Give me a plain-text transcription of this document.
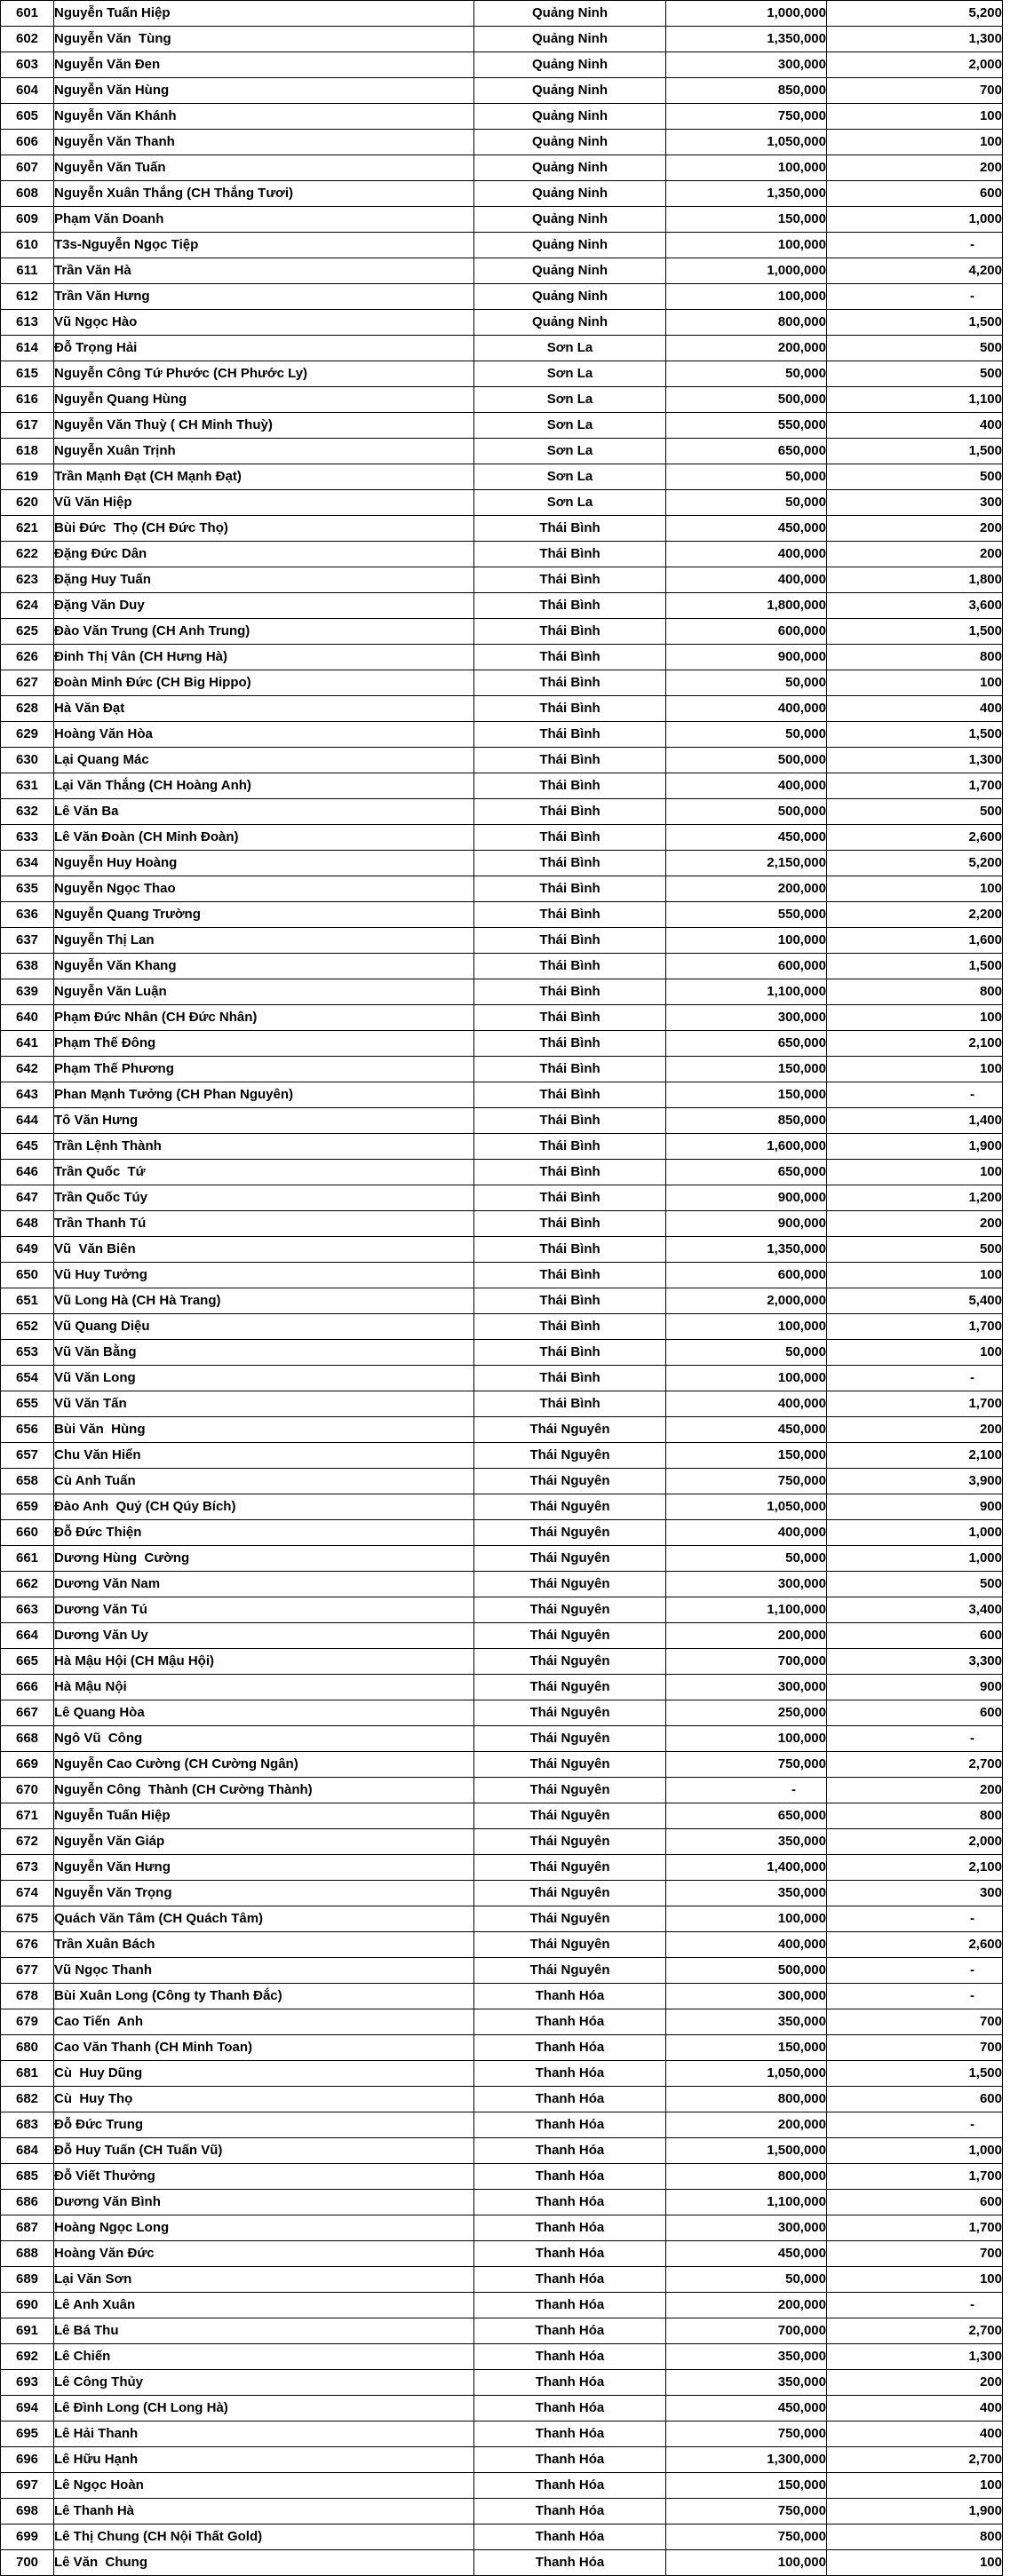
601	Nguyễn Tuấn Hiệp	Quảng Ninh	1,000,000	5,200
602	Nguyễn Văn  Tùng	Quảng Ninh	1,350,000	1,300
603	Nguyễn Văn Đen	Quảng Ninh	300,000	2,000
604	Nguyễn Văn Hùng	Quảng Ninh	850,000	700
605	Nguyễn Văn Khánh	Quảng Ninh	750,000	100
606	Nguyễn Văn Thanh	Quảng Ninh	1,050,000	100
607	Nguyễn Văn Tuấn	Quảng Ninh	100,000	200
608	Nguyễn Xuân Thắng (CH Thắng Tươi)	Quảng Ninh	1,350,000	600
609	Phạm Văn Doanh	Quảng Ninh	150,000	1,000
610	T3s-Nguyễn Ngọc Tiệp	Quảng Ninh	100,000	-
611	Trần Văn Hà	Quảng Ninh	1,000,000	4,200
612	Trần Văn Hưng	Quảng Ninh	100,000	-
613	Vũ Ngọc Hào	Quảng Ninh	800,000	1,500
614	Đỗ Trọng Hải	Sơn La	200,000	500
615	Nguyễn Công Tứ Phước (CH Phước Ly)	Sơn La	50,000	500
616	Nguyễn Quang Hùng	Sơn La	500,000	1,100
617	Nguyễn Văn Thuỳ ( CH Minh Thuỳ)	Sơn La	550,000	400
618	Nguyễn Xuân Trịnh	Sơn La	650,000	1,500
619	Trần Mạnh Đạt (CH Mạnh Đạt)	Sơn La	50,000	500
620	Vũ Văn Hiệp	Sơn La	50,000	300
621	Bùi Đức  Thọ (CH Đức Thọ)	Thái Bình	450,000	200
622	Đặng Đức Dân	Thái Bình	400,000	200
623	Đặng Huy Tuấn	Thái Bình	400,000	1,800
624	Đặng Văn Duy	Thái Bình	1,800,000	3,600
625	Đào Văn Trung (CH Anh Trung)	Thái Bình	600,000	1,500
626	Đinh Thị Vân (CH Hưng Hà)	Thái Bình	900,000	800
627	Đoàn Minh Đức (CH Big Hippo)	Thái Bình	50,000	100
628	Hà Văn Đạt	Thái Bình	400,000	400
629	Hoàng Văn Hòa	Thái Bình	50,000	1,500
630	Lại Quang Mác	Thái Bình	500,000	1,300
631	Lại Văn Thắng (CH Hoàng Anh)	Thái Bình	400,000	1,700
632	Lê Văn Ba	Thái Bình	500,000	500
633	Lê Văn Đoàn (CH Minh Đoàn)	Thái Bình	450,000	2,600
634	Nguyễn Huy Hoàng	Thái Bình	2,150,000	5,200
635	Nguyễn Ngọc Thao	Thái Bình	200,000	100
636	Nguyễn Quang Trường	Thái Bình	550,000	2,200
637	Nguyễn Thị Lan	Thái Bình	100,000	1,600
638	Nguyễn Văn Khang	Thái Bình	600,000	1,500
639	Nguyễn Văn Luận	Thái Bình	1,100,000	800
640	Phạm Đức Nhân (CH Đức Nhân)	Thái Bình	300,000	100
641	Phạm Thế Đông	Thái Bình	650,000	2,100
642	Phạm Thế Phương	Thái Bình	150,000	100
643	Phan Mạnh Tưởng (CH Phan Nguyên)	Thái Bình	150,000	-
644	Tô Văn Hưng	Thái Bình	850,000	1,400
645	Trần Lệnh Thành	Thái Bình	1,600,000	1,900
646	Trần Quốc  Tứ	Thái Bình	650,000	100
647	Trần Quốc Túy	Thái Bình	900,000	1,200
648	Trần Thanh Tú	Thái Bình	900,000	200
649	Vũ  Văn Biên	Thái Bình	1,350,000	500
650	Vũ Huy Tưởng	Thái Bình	600,000	100
651	Vũ Long Hà (CH Hà Trang)	Thái Bình	2,000,000	5,400
652	Vũ Quang Diệu	Thái Bình	100,000	1,700
653	Vũ Văn Bằng	Thái Bình	50,000	100
654	Vũ Văn Long	Thái Bình	100,000	-
655	Vũ Văn Tấn	Thái Bình	400,000	1,700
656	Bùi Văn  Hùng	Thái Nguyên	450,000	200
657	Chu Văn Hiển	Thái Nguyên	150,000	2,100
658	Cù Anh Tuấn	Thái Nguyên	750,000	3,900
659	Đào Anh  Quý (CH Qúy Bích)	Thái Nguyên	1,050,000	900
660	Đỗ Đức Thiện	Thái Nguyên	400,000	1,000
661	Dương Hùng  Cường	Thái Nguyên	50,000	1,000
662	Dương Văn Nam	Thái Nguyên	300,000	500
663	Dương Văn Tú	Thái Nguyên	1,100,000	3,400
664	Dương Văn Uy	Thái Nguyên	200,000	600
665	Hà Mậu Hội (CH Mậu Hội)	Thái Nguyên	700,000	3,300
666	Hà Mậu Nội	Thái Nguyên	300,000	900
667	Lê Quang Hòa	Thái Nguyên	250,000	600
668	Ngô Vũ  Công	Thái Nguyên	100,000	-
669	Nguyễn Cao Cường (CH Cường Ngân)	Thái Nguyên	750,000	2,700
670	Nguyễn Công  Thành (CH Cường Thành)	Thái Nguyên	-	200
671	Nguyễn Tuấn Hiệp	Thái Nguyên	650,000	800
672	Nguyễn Văn Giáp	Thái Nguyên	350,000	2,000
673	Nguyễn Văn Hưng	Thái Nguyên	1,400,000	2,100
674	Nguyễn Văn Trọng	Thái Nguyên	350,000	300
675	Quách Văn Tâm (CH Quách Tâm)	Thái Nguyên	100,000	-
676	Trần Xuân Bách	Thái Nguyên	400,000	2,600
677	Vũ Ngọc Thanh	Thái Nguyên	500,000	-
678	Bùi Xuân Long (Công ty Thanh Đắc)	Thanh Hóa	300,000	-
679	Cao Tiến  Anh	Thanh Hóa	350,000	700
680	Cao Văn Thanh (CH Minh Toan)	Thanh Hóa	150,000	700
681	Cù  Huy Dũng	Thanh Hóa	1,050,000	1,500
682	Cù  Huy Thọ	Thanh Hóa	800,000	600
683	Đỗ Đức Trung	Thanh Hóa	200,000	-
684	Đỗ Huy Tuấn (CH Tuấn Vũ)	Thanh Hóa	1,500,000	1,000
685	Đỗ Viết Thưởng	Thanh Hóa	800,000	1,700
686	Dương Văn Bình	Thanh Hóa	1,100,000	600
687	Hoàng Ngọc Long	Thanh Hóa	300,000	1,700
688	Hoàng Văn Đức	Thanh Hóa	450,000	700
689	Lại Văn Sơn	Thanh Hóa	50,000	100
690	Lê Anh Xuân	Thanh Hóa	200,000	-
691	Lê Bá Thu	Thanh Hóa	700,000	2,700
692	Lê Chiến	Thanh Hóa	350,000	1,300
693	Lê Công Thủy	Thanh Hóa	350,000	200
694	Lê Đình Long (CH Long Hà)	Thanh Hóa	450,000	400
695	Lê Hải Thanh	Thanh Hóa	750,000	400
696	Lê Hữu Hạnh	Thanh Hóa	1,300,000	2,700
697	Lê Ngọc Hoàn	Thanh Hóa	150,000	100
698	Lê Thanh Hà	Thanh Hóa	750,000	1,900
699	Lê Thị Chung (CH Nội Thất Gold)	Thanh Hóa	750,000	800
700	Lê Văn  Chung	Thanh Hóa	100,000	100
